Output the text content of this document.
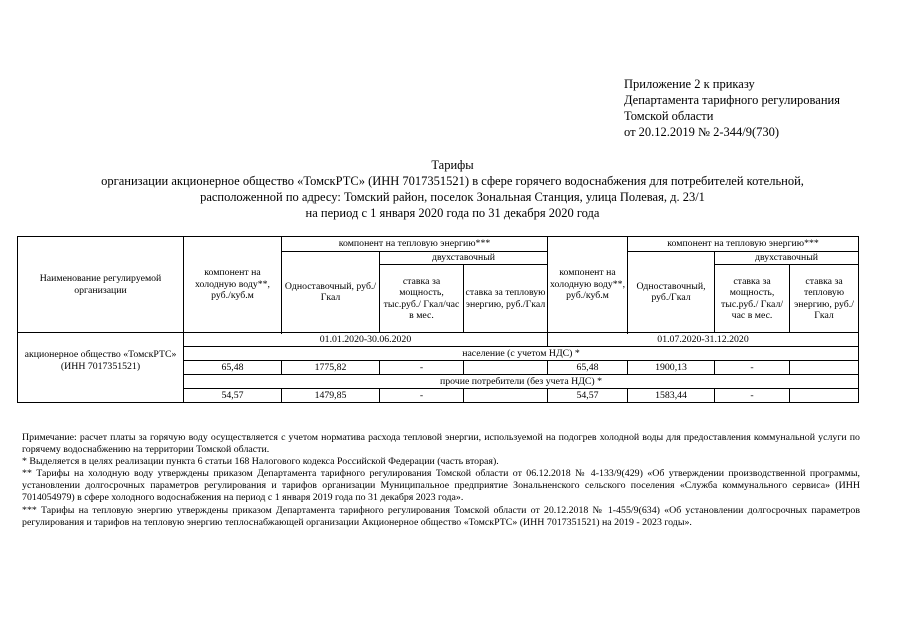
Приложение 2 к приказу
Департамента тарифного регулирования
Томской области
от 20.12.2019 № 2-344/9(730)
Тарифы
организации акционерное общество «ТомскРТС» (ИНН 7017351521) в сфере горячего водоснабжения для потребителей котельной,
расположенной по адресу: Томский район, поселок Зональная Станция, улица Полевая, д. 23/1
на период с 1 января 2020 года по 31 декабря 2020 года
Наименование регулируемой организации	компонент на холодную воду**, руб./куб.м	компонент на тепловую энергию***			компонент на холодную воду**, руб./куб.м	компонент на тепловую энергию***		
		Одноставочный, руб./Гкал	двухставочный			Одноставочный, руб./Гкал	двухставочный	
			ставка за мощность, тыс.руб./ Гкал/час в мес.	ставка за тепловую энергию, руб./Гкал			ставка за мощность, тыс.руб./ Гкал/час в мес.	ставка за тепловую энергию, руб./Гкал

акционерное общество «ТомскРТС» (ИНН 7017351521)	01.01.2020-30.06.2020				01.07.2020-31.12.2020			
	население (с учетом НДС) *							
	65,48	1775,82	-		65,48	1900,13	-	
	прочие потребители (без учета НДС) *							
	54,57	1479,85	-		54,57	1583,44	-	

Примечание: расчет платы за горячую воду осуществляется с учетом норматива расхода тепловой энергии, используемой на подогрев холодной воды для предоставления коммунальной услуги по горячему водоснабжению на территории Томской области.

* Выделяется в целях реализации пункта 6 статьи 168 Налогового кодекса Российской Федерации (часть вторая).

** Тарифы на холодную воду утверждены приказом Департамента тарифного регулирования Томской области от 06.12.2018 № 4-133/9(429) «Об утверждении производственной программы, установлении долгосрочных параметров регулирования и тарифов организации Муниципальное предприятие Зональненского сельского поселения «Служба коммунального сервиса» (ИНН 7014054979) в сфере холодного водоснабжения на период с 1 января 2019 года по 31 декабря 2023 года».

*** Тарифы на тепловую энергию утверждены приказом Департамента тарифного регулирования Томской области от 20.12.2018 № 1-455/9(634) «Об установлении долгосрочных параметров регулирования и тарифов на тепловую энергию теплоснабжающей организации Акционерное общество «ТомскРТС» (ИНН 7017351521) на 2019 - 2023 годы».
